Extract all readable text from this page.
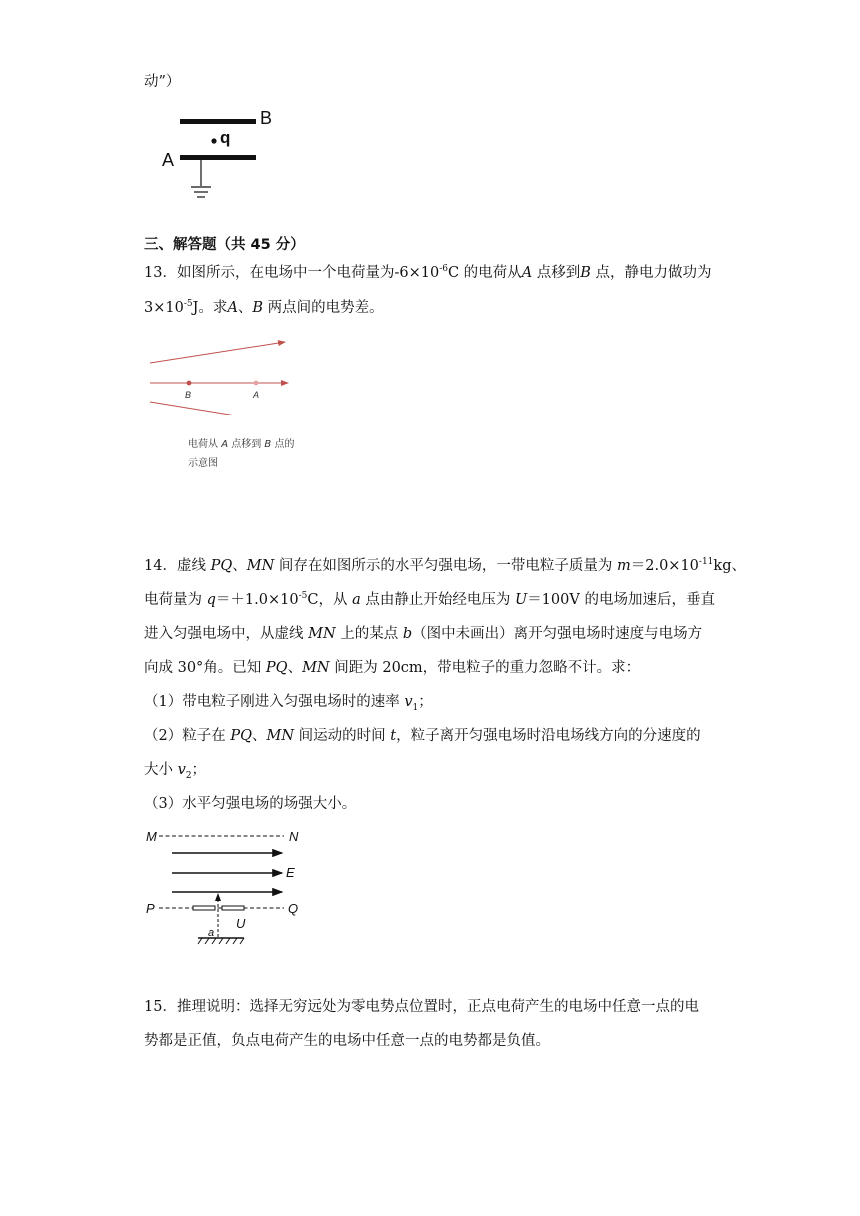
动”）
B
q
A
三、解答题（共 45 分）
13．如图所示，在电场中一个电荷量为$-6\times 10^{-6}C$ 的电荷从A 点移到B 点，静电力做功为
$3\times 10^{-5}J$。求A、B 两点间的电势差。
B	A
电荷从 A 点移到 B 点的
示意图
14．虚线 PQ、MN 间存在如图所示的水平匀强电场，一带电粒子质量为 $m=2.0\times 10^{-11}kg$、
电荷量为 $q=+1.0\times 10^{-5}C$，从 a 点由静止开始经电压为 U＝100V 的电场加速后，垂直
进入匀强电场中，从虚线 MN 上的某点 b（图中未画出）离开匀强电场时速度与电场方
向成 30°角。已知 PQ、MN 间距为 20cm，带电粒子的重力忽略不计。求：
（1）带电粒子刚进入匀强电场时的速率 $v_1$；
（2）粒子在 PQ、MN 间运动的时间 t，粒子离开匀强电场时沿电场线方向的分速度的
大小 $v_2$；
（3）水平匀强电场的场强大小。
M	N
E
P	Q
U
a
15．推理说明：选择无穷远处为零电势点位置时，正点电荷产生的电场中任意一点的电
势都是正值，负点电荷产生的电场中任意一点的电势都是负值。
